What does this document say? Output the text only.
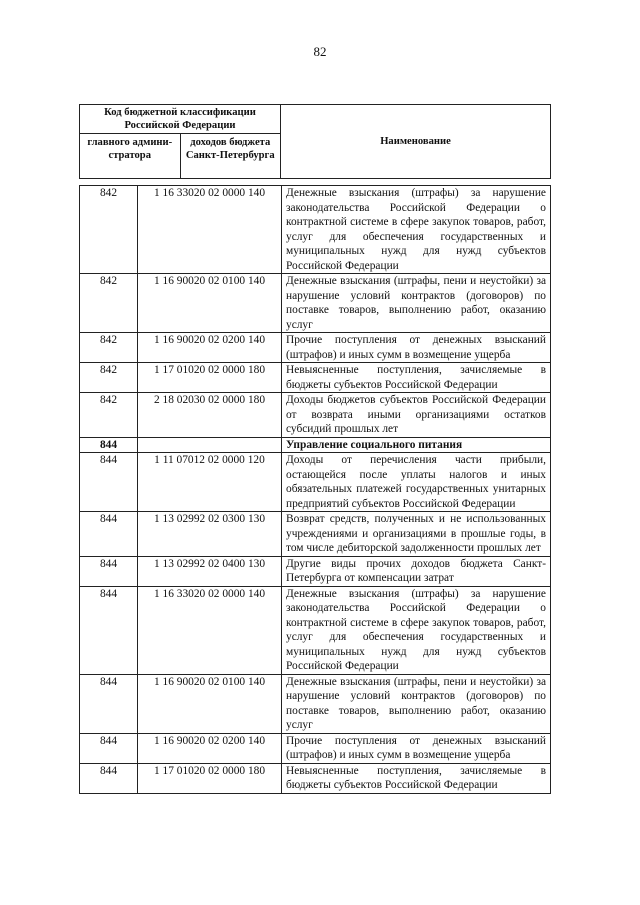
82
Код бюджетной классификации Российской Федерации		Наименование
главного админи-стратора	доходов бюджета Санкт-Петербурга	
842	1 16 33020 02 0000 140	Денежные взыскания (штрафы) за нарушение законодательства Российской Федерации о контрактной системе в сфере закупок товаров, работ, услуг для обеспечения государственных и муниципальных нужд для нужд субъектов Российской Федерации

842	1 16 90020 02 0100 140	Денежные взыскания (штрафы, пени и неустойки) за нарушение условий контрактов (договоров) по поставке товаров, выполнению работ, оказанию услуг

842	1 16 90020 02 0200 140	Прочие поступления от денежных взысканий (штрафов) и иных сумм в возмещение ущерба

842	1 17 01020 02 0000 180	Невыясненные поступления, зачисляемые в бюджеты субъектов Российской Федерации

842	2 18 02030 02 0000 180	Доходы бюджетов субъектов Российской Федерации от возврата иными организациями остатков субсидий прошлых лет

844		Управление социального питания

844	1 11 07012 02 0000 120	Доходы от перечисления части прибыли, остающейся после уплаты налогов и иных обязательных платежей государственных унитарных предприятий субъектов Российской Федерации

844	1 13 02992 02 0300 130	Возврат средств, полученных и не использованных учреждениями и организациями в прошлые годы, в том числе дебиторской задолженности прошлых лет

844	1 13 02992 02 0400 130	Другие виды прочих доходов бюджета Санкт-Петербурга от компенсации затрат

844	1 16 33020 02 0000 140	Денежные взыскания (штрафы) за нарушение законодательства Российской Федерации о контрактной системе в сфере закупок товаров, работ, услуг для обеспечения государственных и муниципальных нужд для нужд субъектов Российской Федерации

844	1 16 90020 02 0100 140	Денежные взыскания (штрафы, пени и неустойки) за нарушение условий контрактов (договоров) по поставке товаров, выполнению работ, оказанию услуг

844	1 16 90020 02 0200 140	Прочие поступления от денежных взысканий (штрафов) и иных сумм в возмещение ущерба

844	1 17 01020 02 0000 180	Невыясненные поступления, зачисляемые в бюджеты субъектов Российской Федерации
